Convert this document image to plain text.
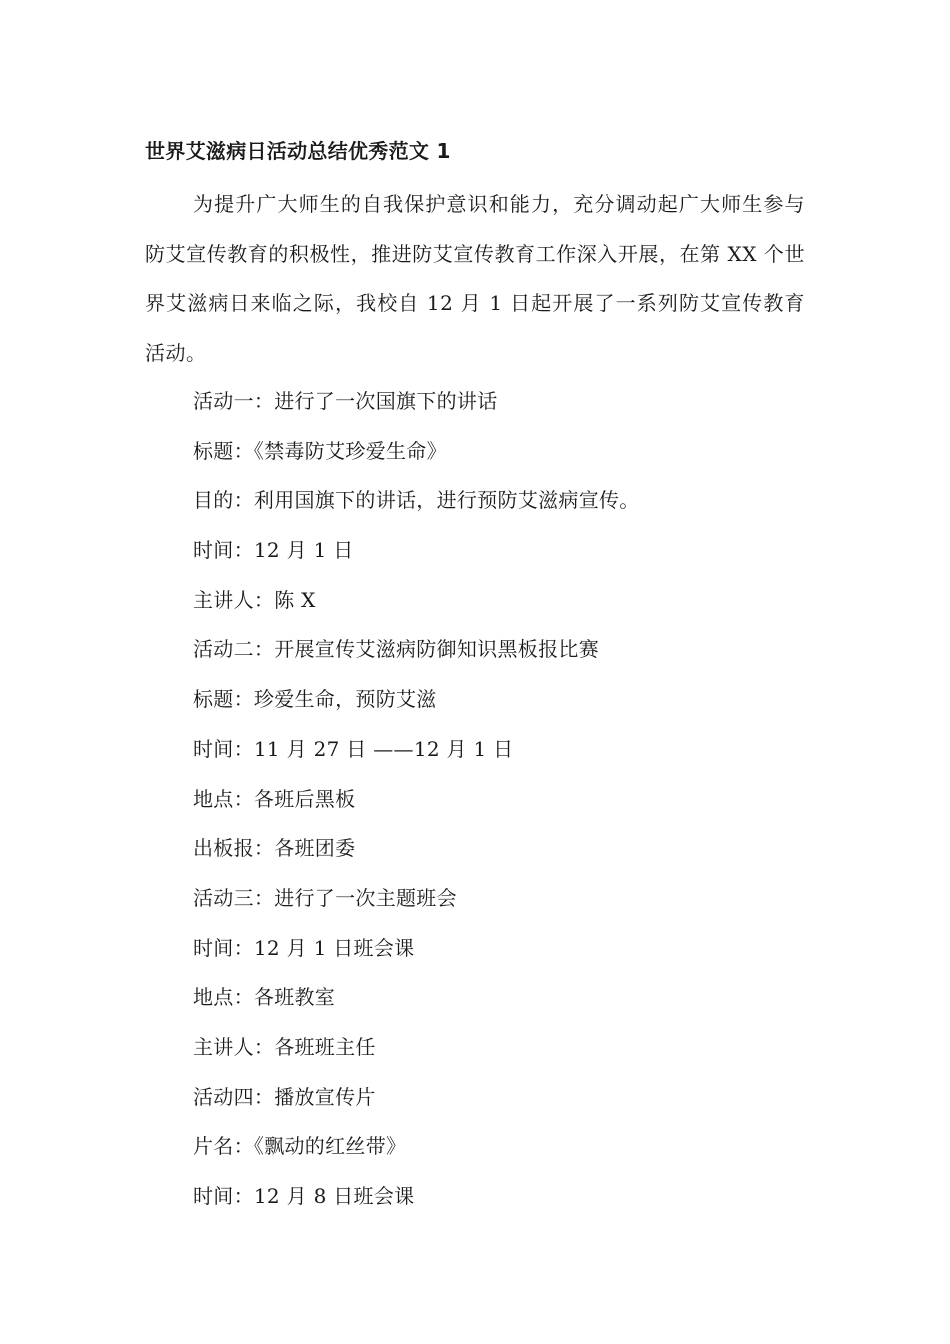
世界艾滋病日活动总结优秀范文 1

为提升广大师生的自我保护意识和能力，充分调动起广大师生参与防艾宣传教育的积极性，推进防艾宣传教育工作深入开展，在第 XX 个世界艾滋病日来临之际，我校自 12 月 1 日起开展了一系列防艾宣传教育活动。

活动一：进行了一次国旗下的讲话
标题：《禁毒防艾珍爱生命》
目的：利用国旗下的讲话，进行预防艾滋病宣传。
时间：12 月 1 日
主讲人：陈 X
活动二：开展宣传艾滋病防御知识黑板报比赛
标题：珍爱生命，预防艾滋
时间：11 月 27 日 ——12 月 1 日
地点：各班后黑板
出板报：各班团委
活动三：进行了一次主题班会
时间：12 月 1 日班会课
地点：各班教室
主讲人：各班班主任
活动四：播放宣传片
片名：《飘动的红丝带》
时间：12 月 8 日班会课
